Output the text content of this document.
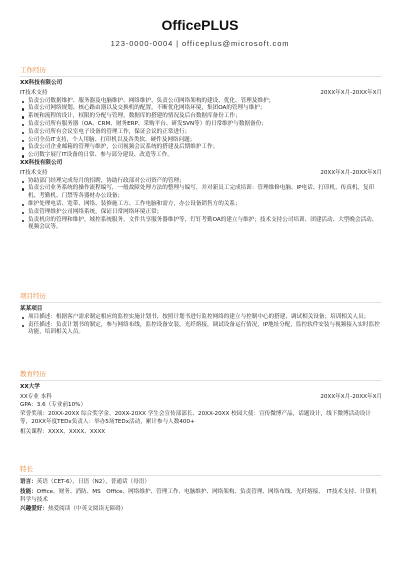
OfficePLUS
123-0000-0004 | officeplus@microsoft.com
工作经历
XX科技有限公司
IT技术支持	20XX年X月-20XX年X月
负责公司数据维护、服务器及电脑维护、网络维护、负责公司网络架构的建设、优化、管理及维护；
负责公司网络规划、核心路由器以及交换机的配置，不断优化网络环境，集团OA的管理与维护；
系统和流程的设计，权限的分配与管理，数据库的搭建的情况及后台数据库备份工作；
负责公司所有服务器（OA、CRM、财务ERP、采购平台、研发SVN等）的日常维护与数据备份；
负责公司所有会议室电子设备的管理工作，保证会议的正常进行；
公司全员IT支持，个人用脑、打印机以及各类软、硬件及网络问题；
负责公司企业邮箱的管理与维护，公司视频会议系统的搭建及后期维护工作；
公司数字展厅IT设备的日常、参与部分建设、改造等工作。
XX科技有限公司
IT技术支持	20XX年X月-20XX年X月
协助部门经理完成每月的招聘，协助行政部对公司资产的管理；
负责公司业务系统的操作流程编写，一般故障处理方法的整理与编写，并对新员工完成培训：管理维修电脑、IP电话、打印机、传真机、复印机、考勤机、门禁等各器材办公设备；
维护处理电话、宽带、网络、装修施工方、工作电脑和需方，办公设备销售方的关系；
负责管理维护公司网络系统，保证日常网络环境正常；
负责机房的管理和维护，域控系统服务，文件共享服务器维护等，钉钉考勤OA的建立与维护；技术支持公司培训、团建活动、大型晚会活动、视频会议等。
项目经历
某某项目
项目描述：根据客户需求制定相应的监控实施计划书，按照计划书进行监控网络的建立与控制中心的搭建，调试相关设备；培训相关人员；
责任描述：负责计划书的制定，参与网络布线，监控设备安装，光纤熔接，调试设备运行情况，IP地址分配，监控软件安装与视频接入实时监控功能，培训相关人员。
教育经历
XX大学
XX专业 本科	20XX年X月-20XX年X月
GPA：3.6（专业前10%）
荣誉奖项：20XX-20XX 综合奖学金、20XX-20XX 学生会宣传部部长、20XX-20XX 校园大使：宣传微博产品，话题设计，线下微博活动设计等，20XX年度TEDx负责人：举办5场TEDx活动，累计参与人数400+
相关课程：XXXX、XXXX、XXXX
特长
语言：英语（CET-6），日语（N2），普通话（母语）
技能：Office、财务、消防、MS　Office、网络维护、管理工作、电脑维护、网络架构、负责管理、网络布线、光纤熔接、　IT技术支持、计算机科学与技术
兴趣爱好：热爱阅读（中英文阅读无障碍）
